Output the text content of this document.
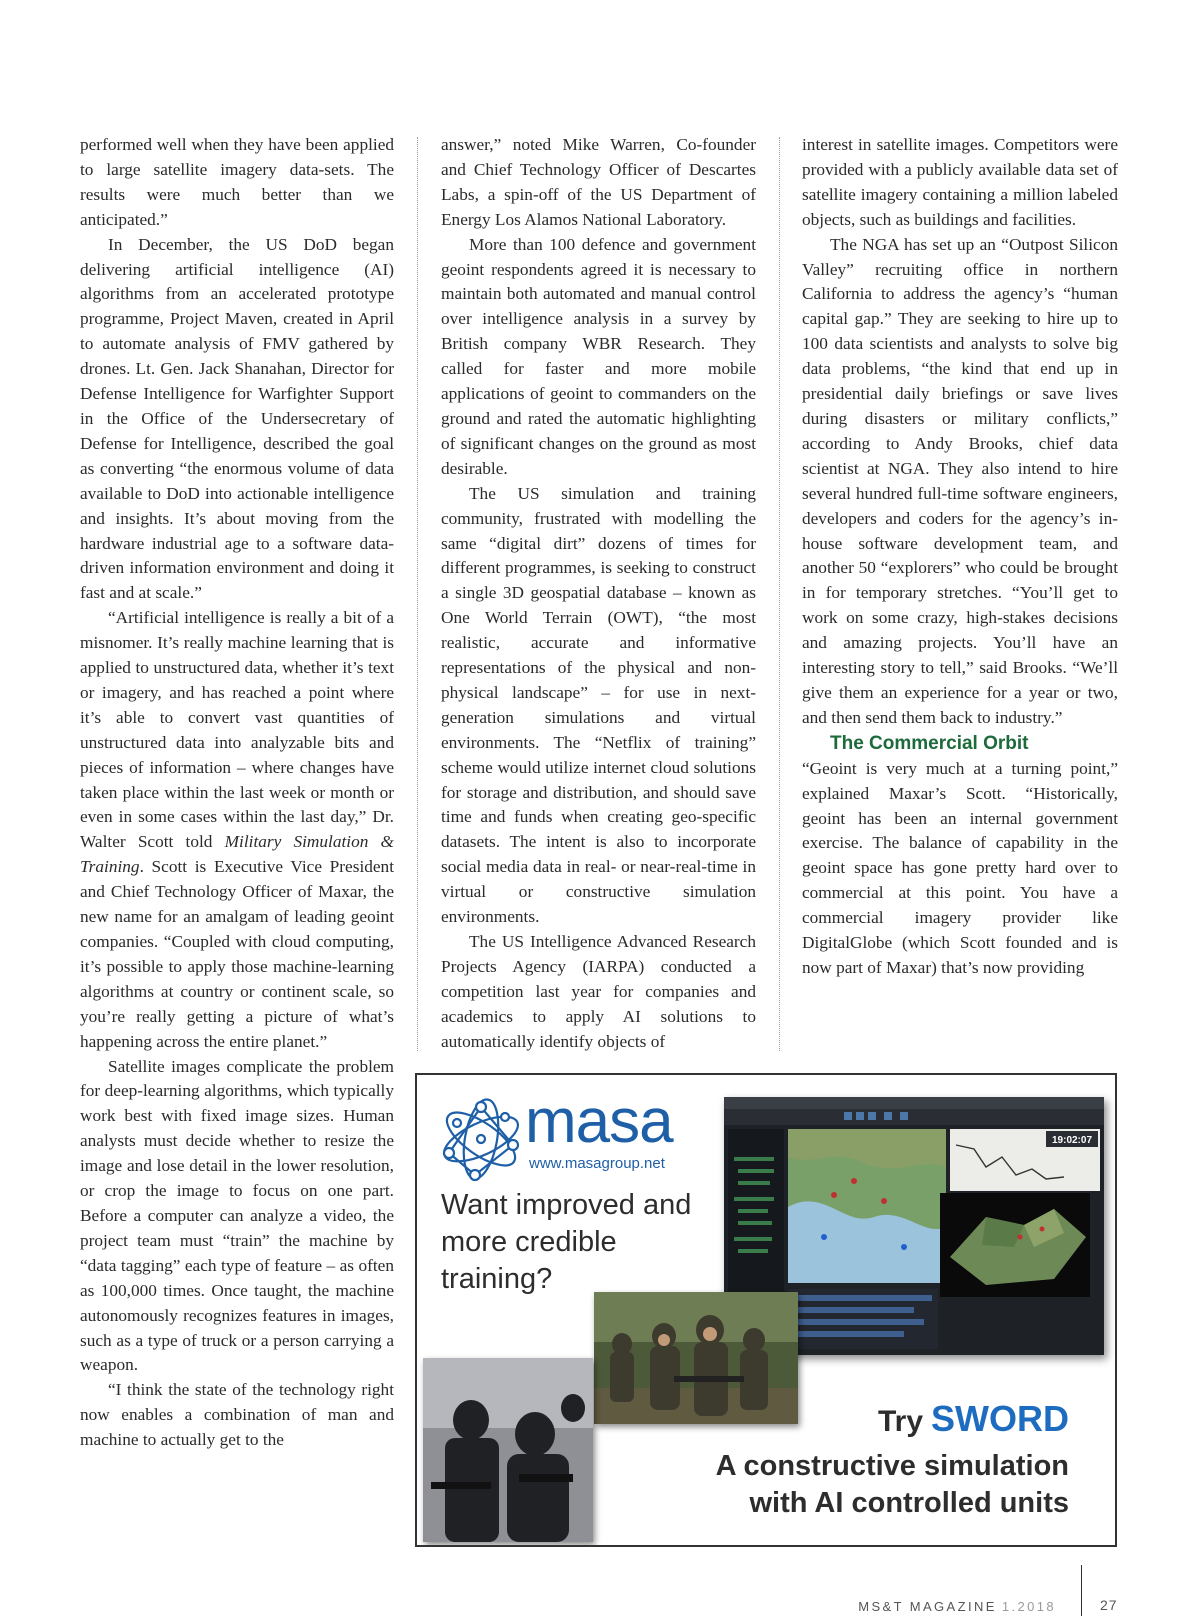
performed well when they have been applied to large satellite imagery data-sets. The results were much better than we anticipated.”

In December, the US DoD began delivering artificial intelligence (AI) algorithms from an accelerated prototype programme, Project Maven, created in April to automate analysis of FMV gathered by drones. Lt. Gen. Jack Shanahan, Director for Defense Intelligence for Warfighter Support in the Office of the Undersecretary of Defense for Intelligence, described the goal as converting “the enormous volume of data available to DoD into actionable intelligence and insights. It’s about moving from the hardware industrial age to a software data-driven information environment and doing it fast and at scale.”

“Artificial intelligence is really a bit of a misnomer. It’s really machine learning that is applied to unstructured data, whether it’s text or imagery, and has reached a point where it’s able to convert vast quantities of unstructured data into analyzable bits and pieces of information – where changes have taken place within the last week or month or even in some cases within the last day,” Dr. Walter Scott told Military Simulation & Training. Scott is Executive Vice President and Chief Technology Officer of Maxar, the new name for an amalgam of leading geoint companies. “Coupled with cloud computing, it’s possible to apply those machine-learning algorithms at country or continent scale, so you’re really getting a picture of what’s happening across the entire planet.”

Satellite images complicate the problem for deep-learning algorithms, which typically work best with fixed image sizes. Human analysts must decide whether to resize the image and lose detail in the lower resolution, or crop the image to focus on one part. Before a computer can analyze a video, the project team must “train” the machine by “data tagging” each type of feature – as often as 100,000 times. Once taught, the machine autonomously recognizes features in images, such as a type of truck or a person carrying a weapon.

“I think the state of the technology right now enables a combination of man and machine to actually get to the

answer,” noted Mike Warren, Co-founder and Chief Technology Officer of Descartes Labs, a spin-off of the US Department of Energy Los Alamos National Laboratory.

More than 100 defence and government geoint respondents agreed it is necessary to maintain both automated and manual control over intelligence analysis in a survey by British company WBR Research. They called for faster and more mobile applications of geoint to commanders on the ground and rated the automatic highlighting of significant changes on the ground as most desirable.

The US simulation and training community, frustrated with modelling the same “digital dirt” dozens of times for different programmes, is seeking to construct a single 3D geospatial database – known as One World Terrain (OWT), “the most realistic, accurate and informative representations of the physical and non-physical landscape” – for use in next-generation simulations and virtual environments. The “Netflix of training” scheme would utilize internet cloud solutions for storage and distribution, and should save time and funds when creating geo-specific datasets. The intent is also to incorporate social media data in real- or near-real-time in virtual or constructive simulation environments.

The US Intelligence Advanced Research Projects Agency (IARPA) conducted a competition last year for companies and academics to apply AI solutions to automatically identify objects of

interest in satellite images. Competitors were provided with a publicly available data set of satellite imagery containing a million labeled objects, such as buildings and facilities.

The NGA has set up an “Outpost Silicon Valley” recruiting office in northern California to address the agency’s “human capital gap.” They are seeking to hire up to 100 data scientists and analysts to solve big data problems, “the kind that end up in presidential daily briefings or save lives during disasters or military conflicts,” according to Andy Brooks, chief data scientist at NGA. They also intend to hire several hundred full-time software engineers, developers and coders for the agency’s in-house software development team, and another 50 “explorers” who could be brought in for temporary stretches. “You’ll get to work on some crazy, high-stakes decisions and amazing projects. You’ll have an interesting story to tell,” said Brooks. “We’ll give them an experience for a year or two, and then send them back to industry.”

The Commercial Orbit

“Geoint is very much at a turning point,” explained Maxar’s Scott. “Historically, geoint has been an internal government exercise. The balance of capability in the geoint space has gone pretty hard over to commercial at this point. You have a commercial imagery provider like DigitalGlobe (which Scott founded and is now part of Maxar) that’s now providing

masa
www.masagroup.net
Want improved and more credible training?
19:02:07
Try SWORD
A constructive simulation with AI controlled units
MS&T MAGAZINE 1.2018	27
